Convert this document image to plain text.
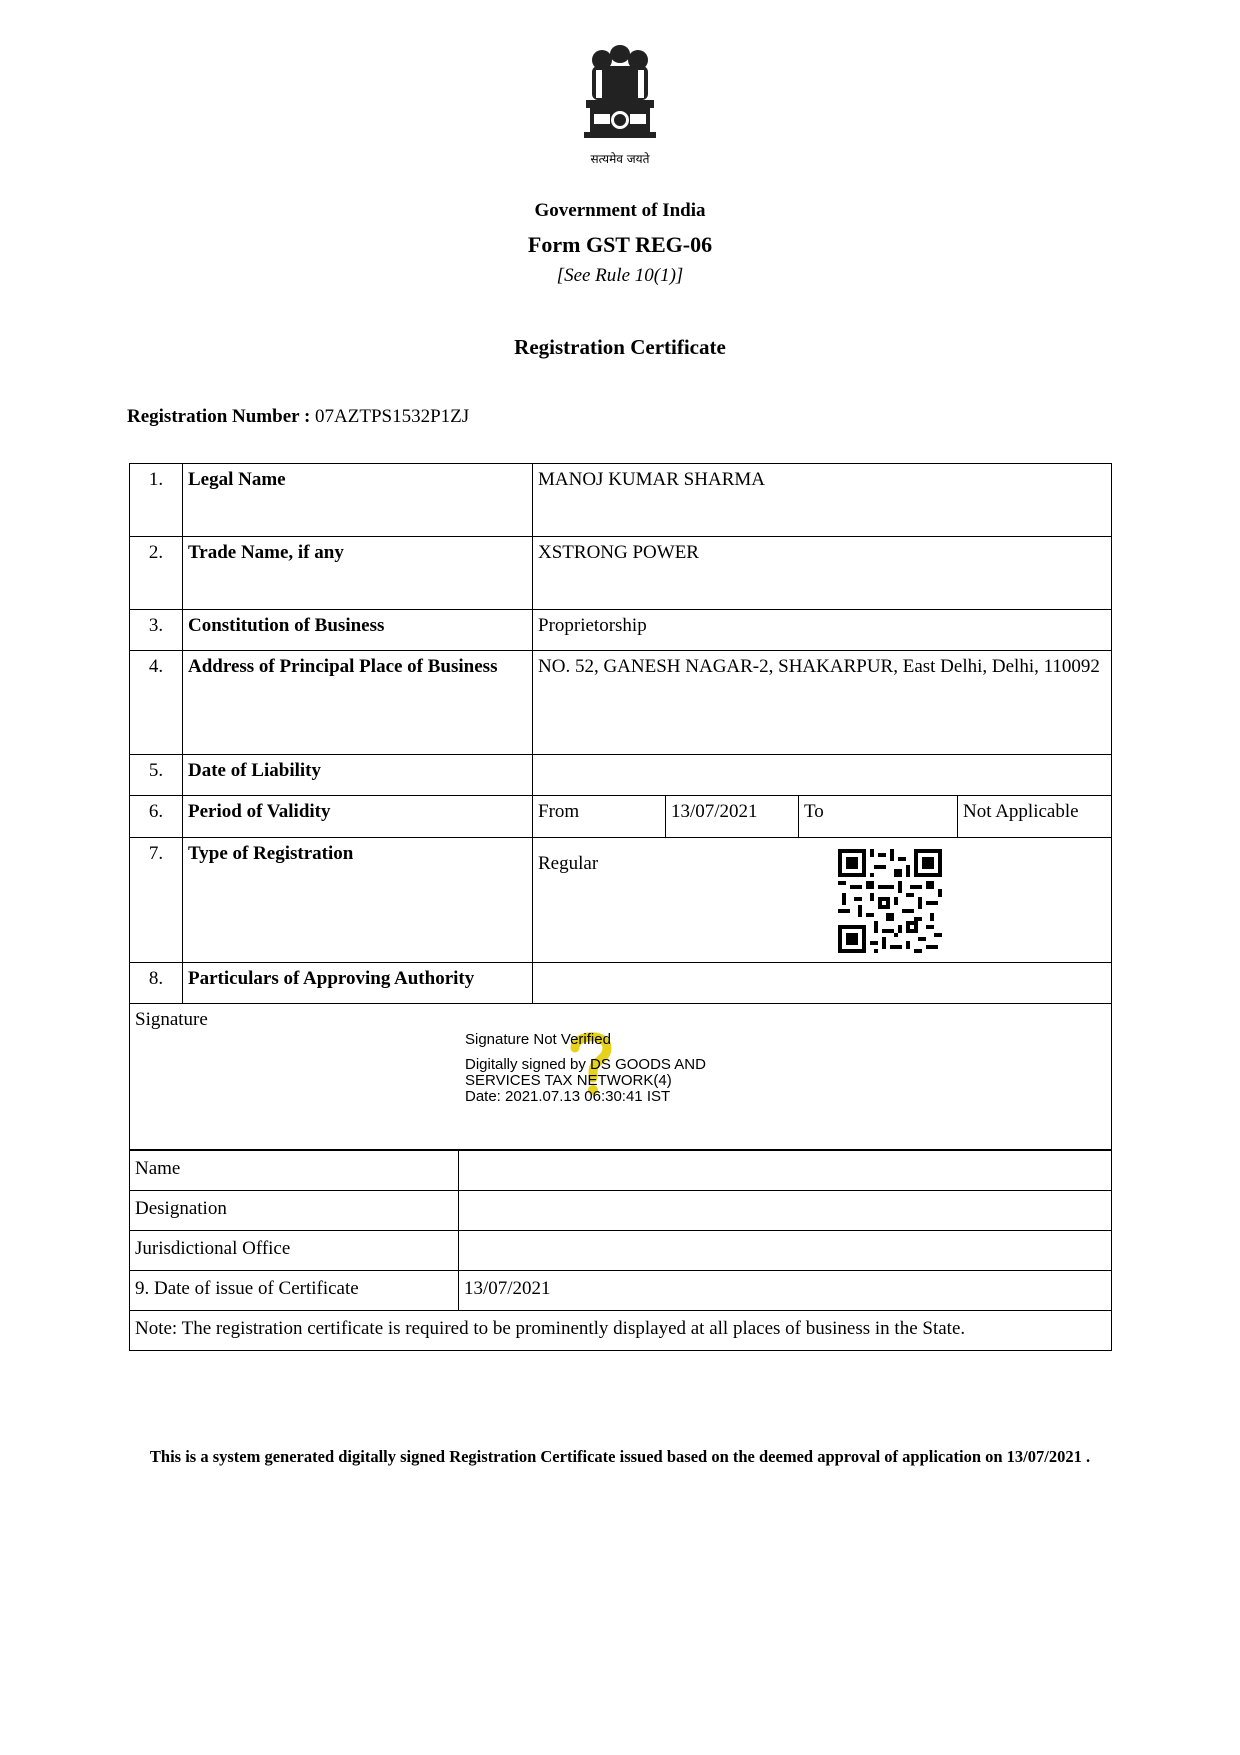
सत्यमेव जयते
Government of India
Form GST REG-06
[See Rule 10(1)]
Registration Certificate
Registration Number : 07AZTPS1532P1ZJ
1.	Legal Name	MANOJ KUMAR SHARMA
2.	Trade Name, if any	XSTRONG POWER
3.	Constitution of Business	Proprietorship
4.	Address of Principal Place of Business	NO. 52, GANESH NAGAR-2, SHAKARPUR, East Delhi, Delhi, 110092
5.	Date of Liability	
6.	Period of Validity		From	13/07/2021	To	Not Applicable

7.	Type of Registration	Regular
8.	Particulars of Approving Authority	
Signature
Signature Not Verified
Digitally signed by DS GOODS AND
SERVICES TAX NETWORK(4)
Date: 2021.07.13 06:30:41 IST
Name	
Designation	
Jurisdictional Office	
9. Date of issue of Certificate	13/07/2021
Note: The registration certificate is required to be prominently displayed at all places of business in the State.	
This is a system generated digitally signed Registration Certificate issued based on the deemed approval of application on 13/07/2021 .
